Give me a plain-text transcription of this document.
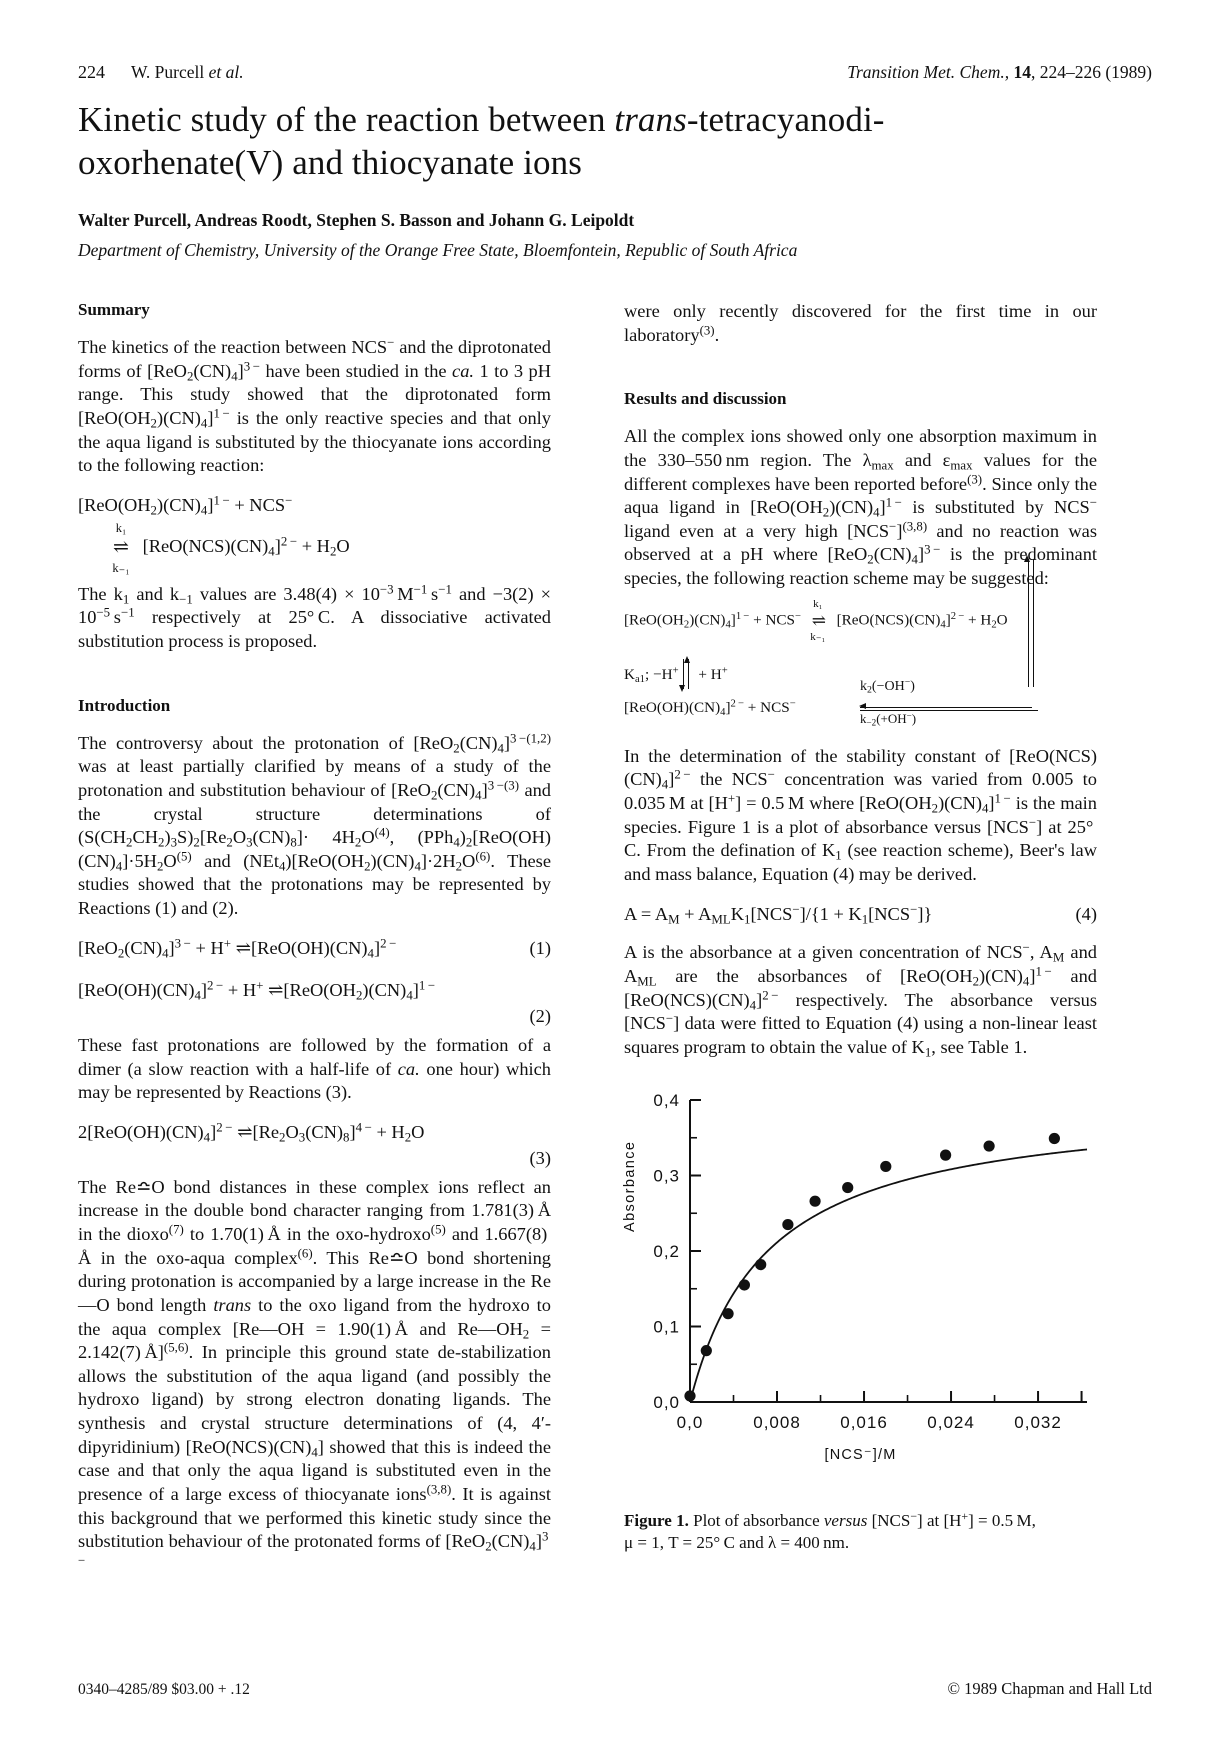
224 W. Purcell et al.	Transition Met. Chem., 14, 224–226 (1989)
Kinetic study of the reaction between trans-tetracyanodi-
oxorhenate(V) and thiocyanate ions
Walter Purcell, Andreas Roodt, Stephen S. Basson and Johann G. Leipoldt
Department of Chemistry, University of the Orange Free State, Bloemfontein, Republic of South Africa
Summary

The kinetics of the reaction between NCS− and the diprotonated forms of $[ReO_2(CN)_4]^{3 -}$ have been studied in the ca. 1 to 3 pH range. This study showed that the diprotonated form $[ReO(OH_2)(CN)_4]^{1 -}$ is the only reactive species and that only the aqua ligand is substituted by the thiocyanate ions according to the following reaction:

$[ReO(OH_2)(CN)_4]^{1 -} + NCS^-$
k₁
⇌
k₋₁
$[ReO(NCS)(CN)_4]^{2 -} + H_2O$

The $k_1$ and $k_{-1}$ values are $3.48(4) \times 10^{-3}$ $M^{-1}$ $s^{-1}$ and $-3(2) \times 10^{-5}$ $s^{-1}$ respectively at 25° C. A dissociative activated substitution process is proposed.

Introduction

The controversy about the protonation of $[ReO_2(CN)_4]^{3 -(1,2)}$ was at least partially clarified by means of a study of the protonation and substitution behaviour of $[ReO_2(CN)_4]^{3 -(3)}$ and the crystal structure determinations of $(S(CH_2CH_2)_3S)_2[Re_2O_3(CN)_8]\cdot 4H_2O^{(4)}$, $(PPh_4)_2[ReO(OH)(CN)_4]\cdot 5H_2O^{(5)}$ and $(NEt_4)[ReO(OH_2)(CN)_4]\cdot 2H_2O^{(6)}$. These studies showed that the protonations may be represented by Reactions (1) and (2).

$[ReO_2(CN)_4]^{3 -} + H^+$ $\rightleftharpoons[ReO(OH)(CN)_4]^{2 -}$	(1)
$[ReO(OH)(CN)_4]^{2 -} + H^+$ $\rightleftharpoons[ReO(OH_2)(CN)_4]^{1 -}$
(2)

These fast protonations are followed by the formation of a dimer (a slow reaction with a half-life of ca. one hour) which may be represented by Reactions (3).

$2[ReO(OH)(CN)_4]^{2 -}$ $\rightleftharpoons[Re_2O_3(CN)_8]^{4 -} + H_2O$
(3)

The Re≏O bond distances in these complex ions reflect an increase in the double bond character ranging from 1.781(3) Å in the dioxo$^{(7)}$ to 1.70(1) Å in the oxo-hydroxo$^{(5)}$ and 1.667(8) Å in the oxo-aqua complex$^{(6)}$. This Re≏O bond shortening during protonation is accompanied by a large increase in the Re—O bond length trans to the oxo ligand from the hydroxo to the aqua complex [Re—OH = 1.90(1) Å and $Re—OH_2 = 2.142(7)$ Å]$^{(5,6)}$. In principle this ground state de-stabilization allows the substitution of the aqua ligand (and possibly the hydroxo ligand) by strong electron donating ligands. The synthesis and crystal structure determinations of (4, 4′-dipyridinium) $[ReO(NCS)(CN)_4]$ showed that this is indeed the case and that only the aqua ligand is substituted even in the presence of a large excess of thiocyanate ions$^{(3,8)}$. It is against this background that we performed this kinetic study since the substitution behaviour of the protonated forms of $[ReO_2(CN)_4]^{3 -}$

were only recently discovered for the first time in our laboratory$^{(3)}$.

Results and discussion

All the complex ions showed only one absorption maximum in the 330–550 nm region. The $\lambda_{max}$ and $\varepsilon_{max}$ values for the different complexes have been reported before$^{(3)}$. Since only the aqua ligand in $[ReO(OH_2)(CN)_4]^{1 -}$ is substituted by NCS− ligand even at a very high $[NCS^-]^{(3,8)}$ and no reaction was observed at a pH where $[ReO_2(CN)_4]^{3 -}$ is the predominant species, the following reaction scheme may be suggested:

$[ReO(OH_2)(CN)_4]^{1 -} + NCS^-$
k₁
⇌
k₋₁
$[ReO(NCS)(CN)_4]^{2 -} + H_2O$
$K_{a1}$; −H+
+ H+
$[ReO(OH)(CN)_4]^{2 -} + NCS^-$
$k_2(-OH^-)$
$k_{-2}(+OH^-)$

In the determination of the stability constant of $[ReO(NCS)(CN)_4]^{2 -}$ the NCS− concentration was varied from 0.005 to 0.035 M at [H+] = 0.5 M where $[ReO(OH_2)(CN)_4]^{1 -}$ is the main species. Figure 1 is a plot of absorbance versus [NCS−] at 25° C. From the defination of $K_1$ (see reaction scheme), Beer's law and mass balance, Equation (4) may be derived.

$A = A_M + A_{ML}K_1[NCS^-]/\{1 + K_1[NCS^-]\}$	(4)

A is the absorbance at a given concentration of NCS−, $A_M$ and $A_{ML}$ are the absorbances of $[ReO(OH_2)(CN)_4]^{1 -}$ and $[ReO(NCS)(CN)_4]^{2 -}$ respectively. The absorbance versus [NCS−] data were fitted to Equation (4) using a non-linear least squares program to obtain the value of $K_1$, see Table 1.

Absorbance
0,0
0,1
0,2
0,3
0,4
0,0	0,008 0,016 0,024 0,032
[NCS⁻]/M
Figure 1. Plot of absorbance versus [NCS−] at [H+] = 0.5 M,
μ = 1, T = 25° C and λ = 400 nm.
0340–4285/89 $03.00 + .12	© 1989 Chapman and Hall Ltd
